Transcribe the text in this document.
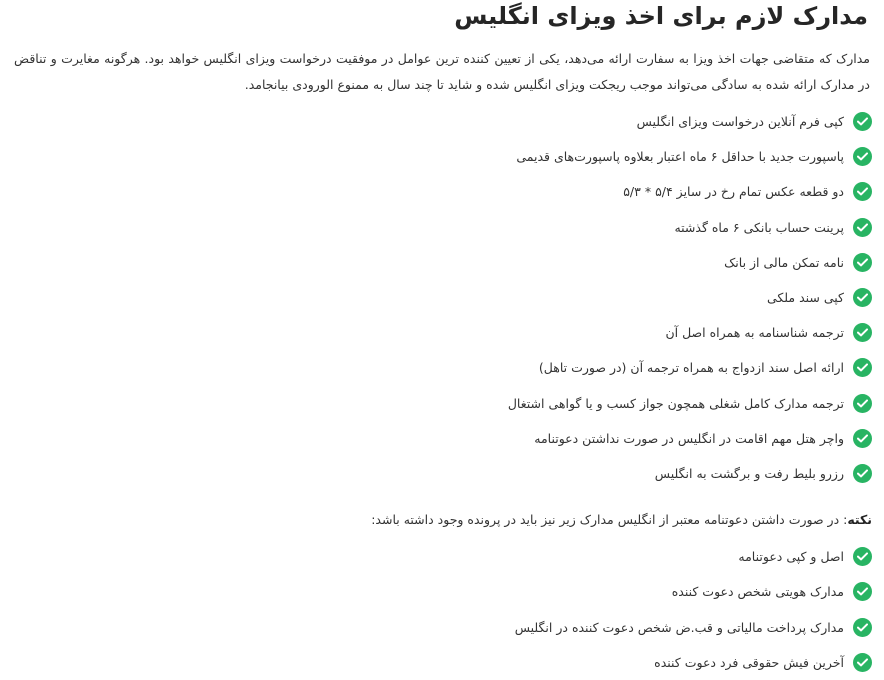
مدارک لازم برای اخذ ویزای انگلیس

مدارک که متقاضی جهات اخذ ویزا به سفارت ارائه می‌دهد، یکی از تعیین کننده ترین عوامل در موفقیت درخواست ویزای انگلیس خواهد بود. هرگونه مغایرت و تناقض در مدارک ارائه شده به سادگی می‌تواند موجب ریجکت ویزای انگلیس شده و شاید تا چند سال به ممنوع الورودی بیانجامد.

کپی فرم آنلاین درخواست ویزای انگلیس
پاسپورت جدید با حداقل ۶ ماه اعتبار بعلاوه پاسپورت‌های قدیمی
دو قطعه عکس تمام رخ در سایز ۵/۴ * ۵/۳
پرینت حساب بانکی ۶ ماه گذشته
نامه تمکن مالی از بانک
کپی سند ملکی
ترجمه شناسنامه به همراه اصل آن
ارائه اصل سند ازدواج به همراه ترجمه آن (در صورت تاهل)
ترجمه مدارک کامل شغلی همچون جواز کسب و یا گواهی اشتغال
واچر هتل مهم اقامت در انگلیس در صورت نداشتن دعوتنامه
رزرو بلیط رفت و برگشت به انگلیس

نکته: در صورت داشتن دعوتنامه معتبر از انگلیس مدارک زیر نیز باید در پرونده وجود داشته باشد:

اصل و کپی دعوتنامه
مدارک هویتی شخص دعوت کننده
مدارک پرداخت مالیاتی و قب.ض شخص دعوت کننده در انگلیس
آخرین فیش حقوقی فرد دعوت کننده
